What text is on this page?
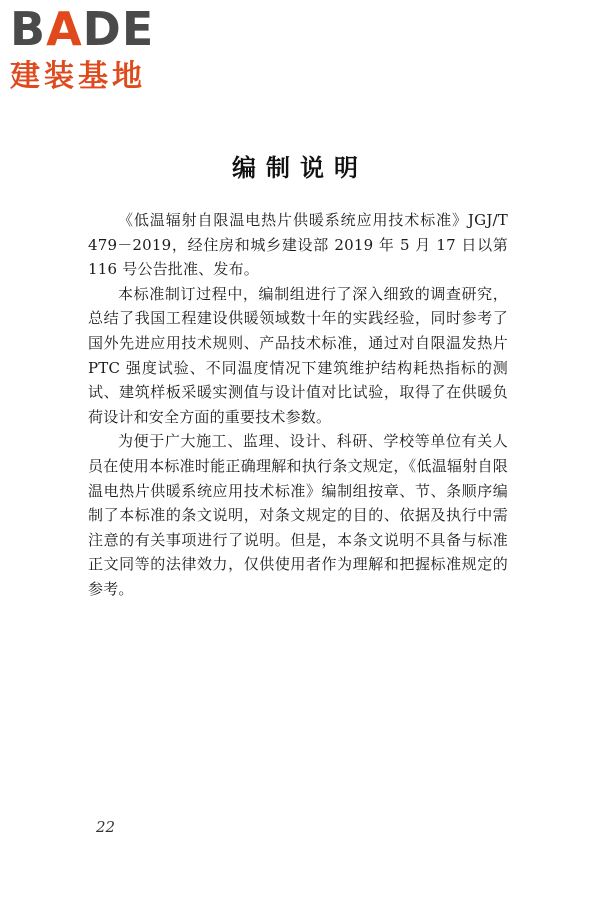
BADE
建装基地
编制说明

《低温辐射自限温电热片供暖系统应用技术标准》JGJ/T 479－2019，经住房和城乡建设部 2019 年 5 月 17 日以第 116 号公告批准、发布。

本标准制订过程中，编制组进行了深入细致的调查研究，总结了我国工程建设供暖领域数十年的实践经验，同时参考了国外先进应用技术规则、产品技术标准，通过对自限温发热片 PTC 强度试验、不同温度情况下建筑维护结构耗热指标的测试、建筑样板采暖实测值与设计值对比试验，取得了在供暖负荷设计和安全方面的重要技术参数。

为便于广大施工、监理、设计、科研、学校等单位有关人员在使用本标准时能正确理解和执行条文规定，《低温辐射自限温电热片供暖系统应用技术标准》编制组按章、节、条顺序编制了本标准的条文说明，对条文规定的目的、依据及执行中需注意的有关事项进行了说明。但是，本条文说明不具备与标准正文同等的法律效力，仅供使用者作为理解和把握标准规定的参考。

22
